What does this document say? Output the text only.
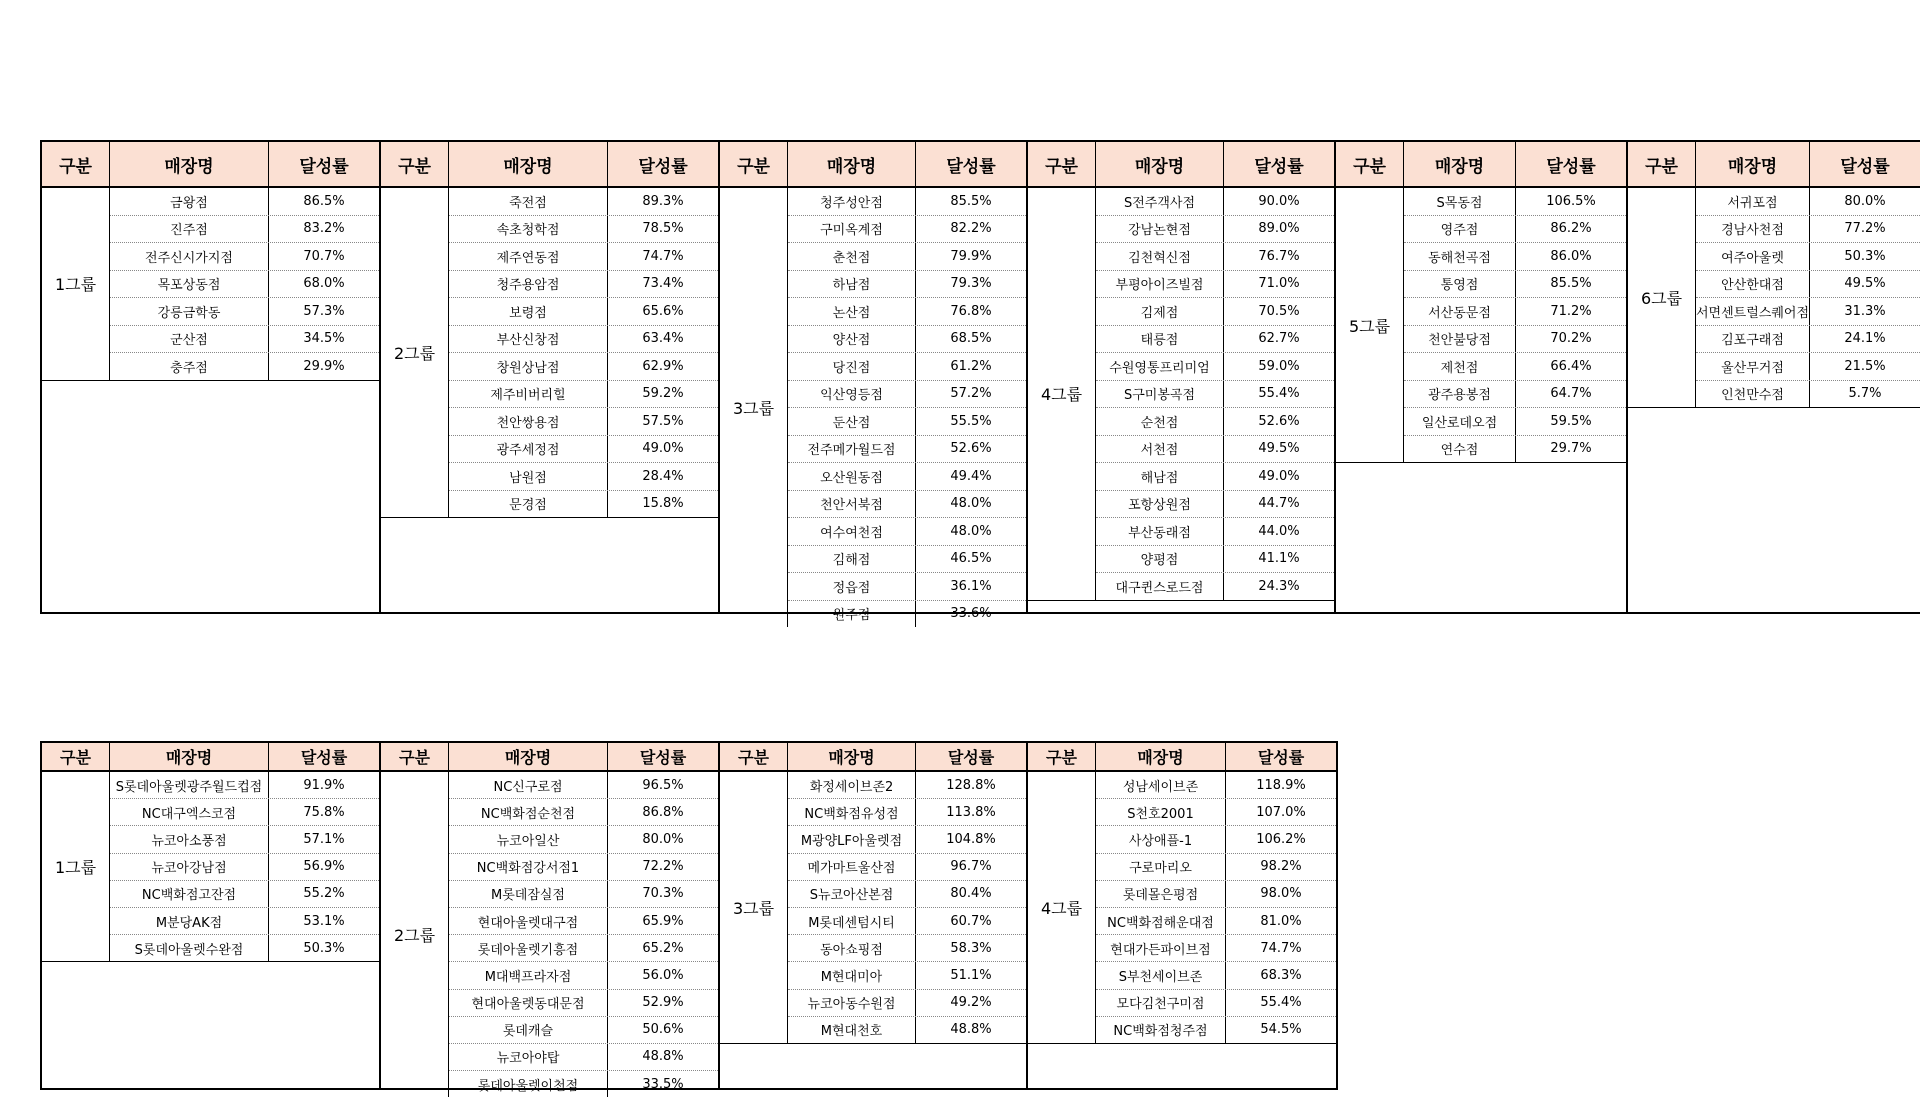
구분	매장명	달성률
1그룹
금왕점	86.5%
진주점	83.2%
전주신시가지점	70.7%
목포상동점	68.0%
강릉금학동	57.3%
군산점	34.5%
충주점	29.9%
구분	매장명	달성률
2그룹
죽전점	89.3%
속초청학점	78.5%
제주연동점	74.7%
청주용암점	73.4%
보령점	65.6%
부산신창점	63.4%
창원상남점	62.9%
제주비버리힐	59.2%
천안쌍용점	57.5%
광주세정점	49.0%
남원점	28.4%
문경점	15.8%
구분	매장명	달성률
3그룹
청주성안점	85.5%
구미옥계점	82.2%
춘천점	79.9%
하남점	79.3%
논산점	76.8%
양산점	68.5%
당진점	61.2%
익산영등점	57.2%
둔산점	55.5%
전주메가월드점	52.6%
오산원동점	49.4%
천안서북점	48.0%
여수여천점	48.0%
김해점	46.5%
정읍점	36.1%
원주점	33.6%
구분	매장명	달성률
4그룹
S전주객사점	90.0%
강남논현점	89.0%
김천혁신점	76.7%
부평아이즈빌점	71.0%
김제점	70.5%
태릉점	62.7%
수원영통프리미엄	59.0%
S구미봉곡점	55.4%
순천점	52.6%
서천점	49.5%
해남점	49.0%
포항상원점	44.7%
부산동래점	44.0%
양평점	41.1%
대구퀸스로드점	24.3%
구분	매장명	달성률
5그룹
S목동점	106.5%
영주점	86.2%
동해천곡점	86.0%
통영점	85.5%
서산동문점	71.2%
천안불당점	70.2%
제천점	66.4%
광주용봉점	64.7%
일산로데오점	59.5%
연수점	29.7%
구분	매장명	달성률
6그룹
서귀포점	80.0%
경남사천점	77.2%
여주아울렛	50.3%
안산한대점	49.5%
서면센트럴스퀘어점	31.3%
김포구래점	24.1%
울산무거점	21.5%
인천만수점	5.7%
구분	매장명	달성률
1그룹
S롯데아울렛광주월드컵점	91.9%
NC대구엑스코점	75.8%
뉴코아소풍점	57.1%
뉴코아강남점	56.9%
NC백화점고잔점	55.2%
M분당AK점	53.1%
S롯데아울렛수완점	50.3%
구분	매장명	달성률
2그룹
NC신구로점	96.5%
NC백화점순천점	86.8%
뉴코아일산	80.0%
NC백화점강서점1	72.2%
M롯데잠실점	70.3%
현대아울렛대구점	65.9%
롯데아울렛기흥점	65.2%
M대백프라자점	56.0%
현대아울렛동대문점	52.9%
롯데캐슬	50.6%
뉴코아야탑	48.8%
롯데아울렛이천점	33.5%
구분	매장명	달성률
3그룹
화정세이브존2	128.8%
NC백화점유성점	113.8%
M광양LF아울렛점	104.8%
메가마트울산점	96.7%
S뉴코아산본점	80.4%
M롯데센텀시티	60.7%
동아쇼핑점	58.3%
M현대미아	51.1%
뉴코아동수원점	49.2%
M현대천호	48.8%
구분	매장명	달성률
4그룹
성남세이브존	118.9%
S천호2001	107.0%
사상애플-1	106.2%
구로마리오	98.2%
롯데몰은평점	98.0%
NC백화점해운대점	81.0%
현대가든파이브점	74.7%
S부천세이브존	68.3%
모다김천구미점	55.4%
NC백화점청주점	54.5%
